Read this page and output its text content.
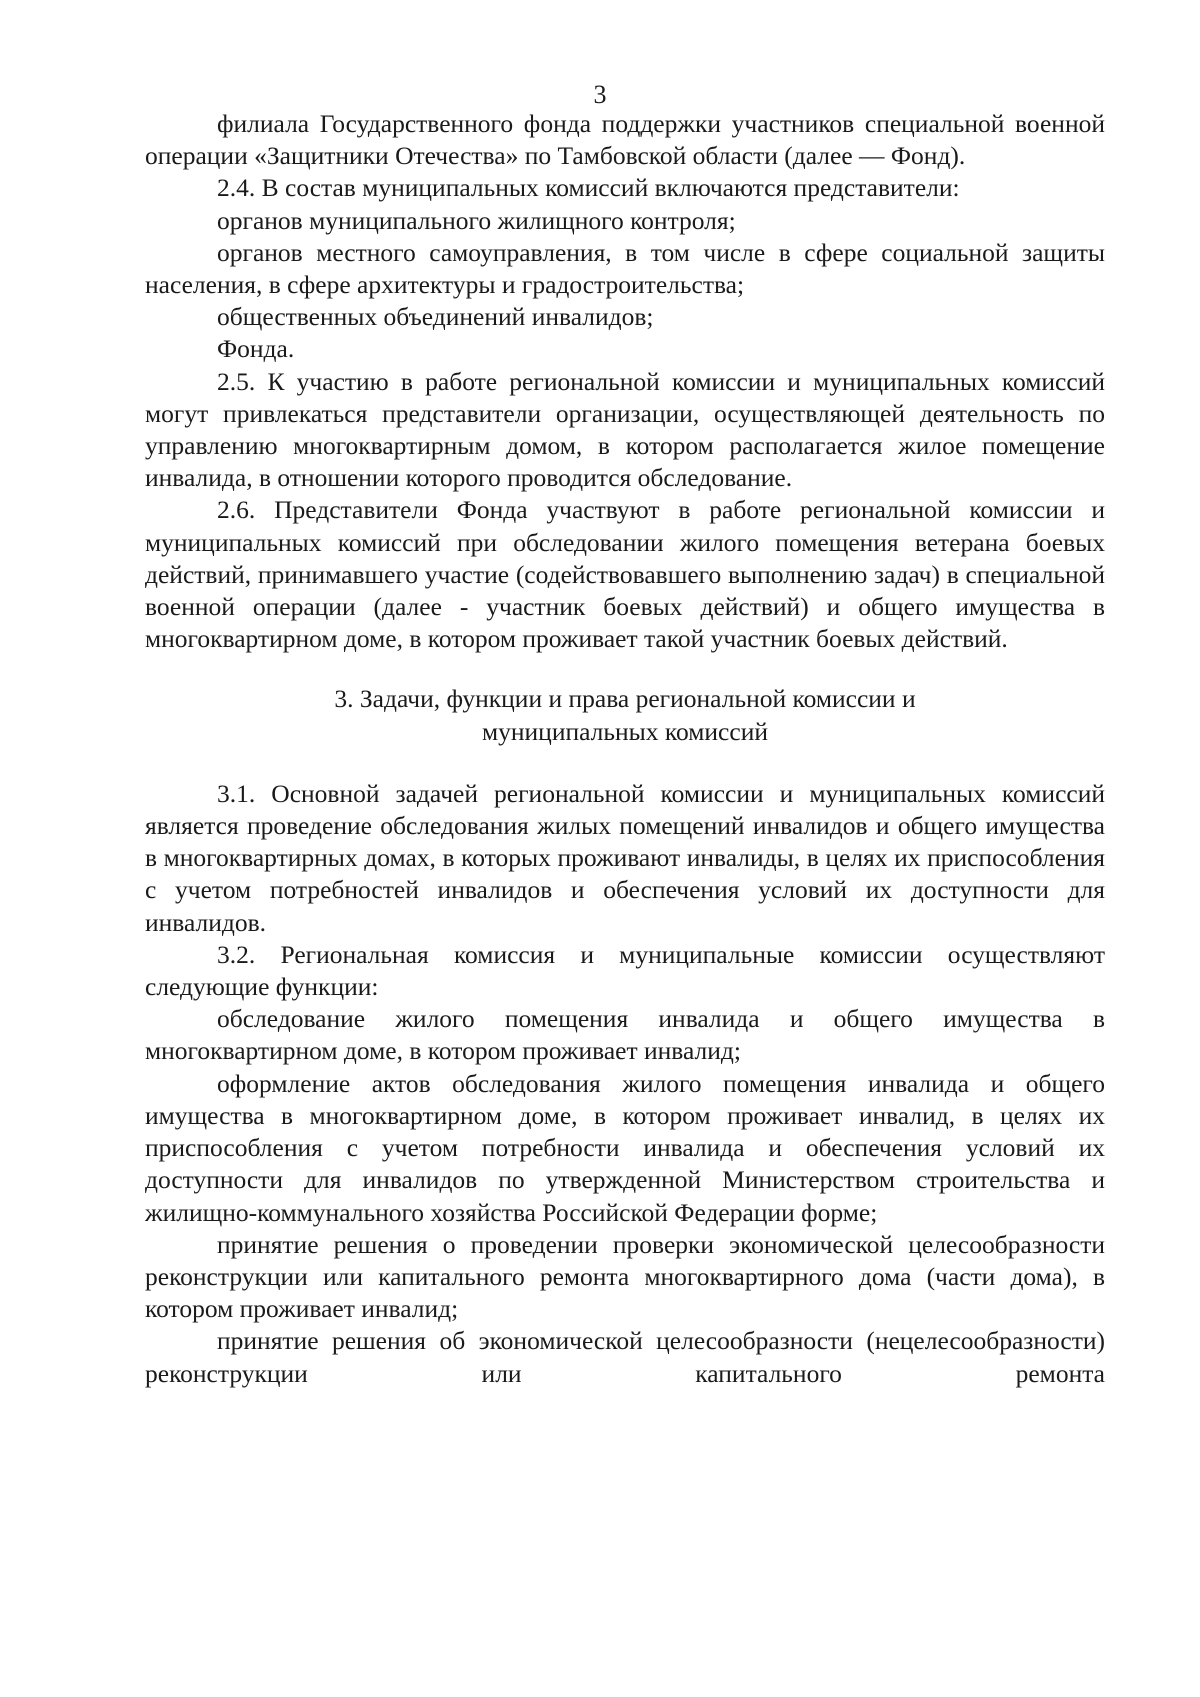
3

филиала Государственного фонда поддержки участников специальной военной операции «Защитники Отечества» по Тамбовской области (далее — Фонд).

2.4. В состав муниципальных комиссий включаются представители:

органов муниципального жилищного контроля;

органов местного самоуправления, в том числе в сфере социальной защиты населения, в сфере архитектуры и градостроительства;

общественных объединений инвалидов;

Фонда.

2.5. К участию в работе региональной комиссии и муниципальных комиссий могут привлекаться представители организации, осуществляющей деятельность по управлению многоквартирным домом, в котором располагается жилое помещение инвалида, в отношении которого проводится обследование.

2.6. Представители Фонда участвуют в работе региональной комиссии и муниципальных комиссий при обследовании жилого помещения ветерана боевых действий, принимавшего участие (содействовавшего выполнению задач) в специальной военной операции (далее - участник боевых действий) и общего имущества в многоквартирном доме, в котором проживает такой участник боевых действий.

3. Задачи, функции и права региональной комиссии и

муниципальных комиссий

3.1. Основной задачей региональной комиссии и муниципальных комиссий является проведение обследования жилых помещений инвалидов и общего имущества в многоквартирных домах, в которых проживают инвалиды, в целях их приспособления с учетом потребностей инвалидов и обеспечения условий их доступности для инвалидов.

3.2. Региональная комиссия и муниципальные комиссии осуществляют следующие функции:

обследование жилого помещения инвалида и общего имущества в многоквартирном доме, в котором проживает инвалид;

оформление актов обследования жилого помещения инвалида и общего имущества в многоквартирном доме, в котором проживает инвалид, в целях их приспособления с учетом потребности инвалида и обеспечения условий их доступности для инвалидов по утвержденной Министерством строительства и жилищно-коммунального хозяйства Российской Федерации форме;

принятие решения о проведении проверки экономической целесообразности реконструкции или капитального ремонта многоквартирного дома (части дома), в котором проживает инвалид;

принятие решения об экономической целесообразности (нецелесообразности) реконструкции или капитального ремонта
